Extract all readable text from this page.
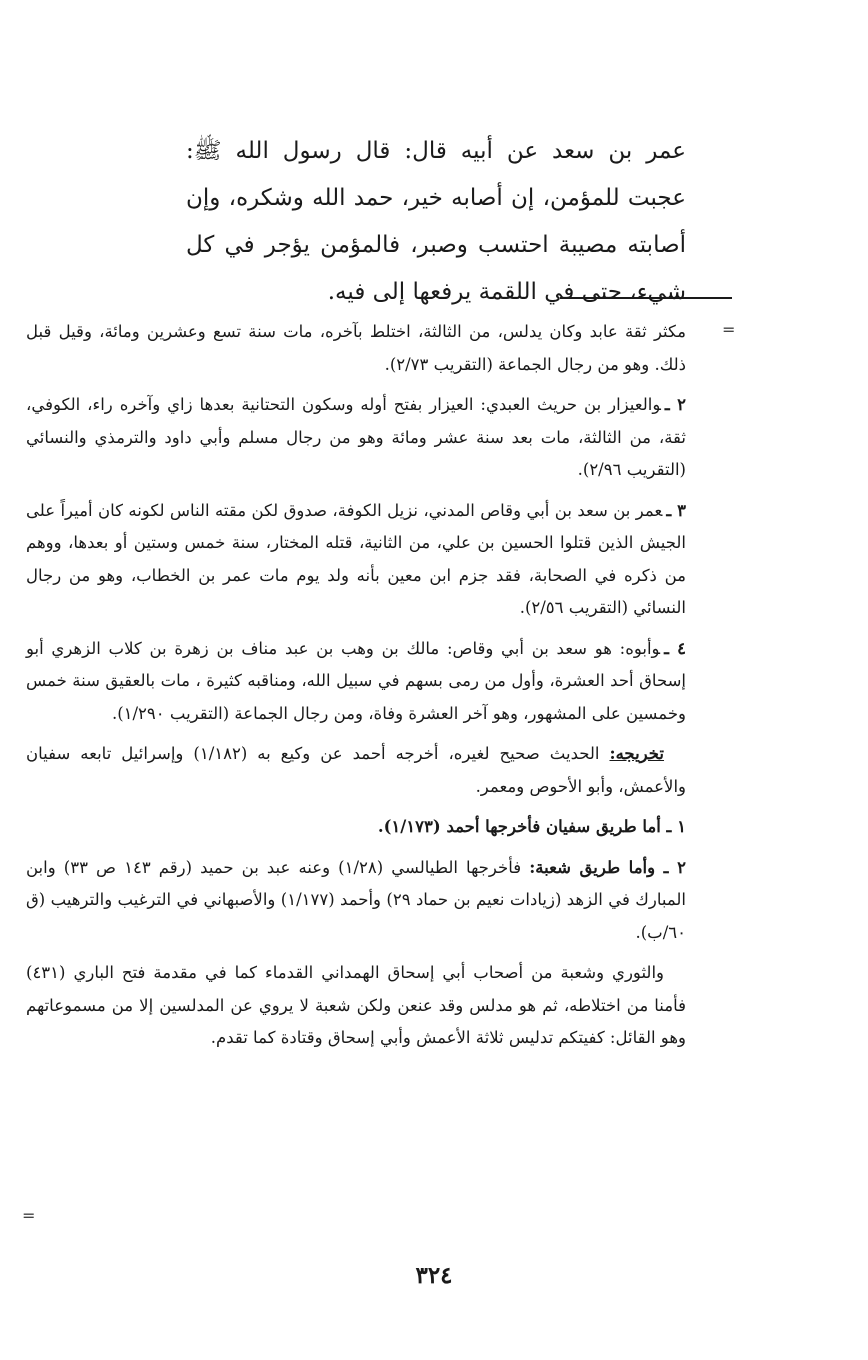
عمر بن سعد عن أبيه قال: قال رسول الله ﷺ: عجبت للمؤمن، إن أصابه خير، حمد الله وشكره، وإن أصابته مصيبة احتسب وصبر، فالمؤمن يؤجر في كل شيء، حتى في اللقمة يرفعها إلى فيه.

=

مكثر ثقة عابد وكان يدلس، من الثالثة، اختلط بآخره، مات سنة تسع وعشرين ومائة، وقيل قبل ذلك. وهو من رجال الجماعة (التقريب ٢/٧٣).

٢ ـوالعيزار بن حريث العبدي: العيزار بفتح أوله وسكون التحتانية بعدها زاي وآخره راء، الكوفي، ثقة، من الثالثة، مات بعد سنة عشر ومائة وهو من رجال مسلم وأبي داود والترمذي والنسائي (التقريب ٢/٩٦).

٣ ـعمر بن سعد بن أبي وقاص المدني، نزيل الكوفة، صدوق لكن مقته الناس لكونه كان أميراً على الجيش الذين قتلوا الحسين بن علي، من الثانية، قتله المختار، سنة خمس وستين أو بعدها، ووهم من ذكره في الصحابة، فقد جزم ابن معين بأنه ولد يوم مات عمر بن الخطاب، وهو من رجال النسائي (التقريب ٢/٥٦).

٤ ـوأبوه: هو سعد بن أبي وقاص: مالك بن وهب بن عبد مناف بن زهرة بن كلاب الزهري أبو إسحاق أحد العشرة، وأول من رمى بسهم في سبيل الله، ومناقبه كثيرة ، مات بالعقيق سنة خمس وخمسين على المشهور، وهو آخر العشرة وفاة، ومن رجال الجماعة (التقريب ١/٢٩٠).

تخريجه: الحديث صحيح لغيره، أخرجه أحمد عن وكيع به (١/١٨٢) وإسرائيل تابعه سفيان والأعمش، وأبو الأحوص ومعمر.

١ ـ أما طريق سفيان فأخرجها أحمد (١/١٧٣).

٢ ـ وأما طريق شعبة: فأخرجها الطيالسي (١/٢٨) وعنه عبد بن حميد (رقم ١٤٣ ص ٣٣) وابن المبارك في الزهد (زيادات نعيم بن حماد ٢٩) وأحمد (١/١٧٧) والأصبهاني في الترغيب والترهيب (ق ٦٠/ب).

والثوري وشعبة من أصحاب أبي إسحاق الهمداني القدماء كما في مقدمة فتح الباري (٤٣١) فأمنا من اختلاطه، ثم هو مدلس وقد عنعن ولكن شعبة لا يروي عن المدلسين إلا من مسموعاتهم وهو القائل: كفيتكم تدليس ثلاثة الأعمش وأبي إسحاق وقتادة كما تقدم.

=
٣٢٤
